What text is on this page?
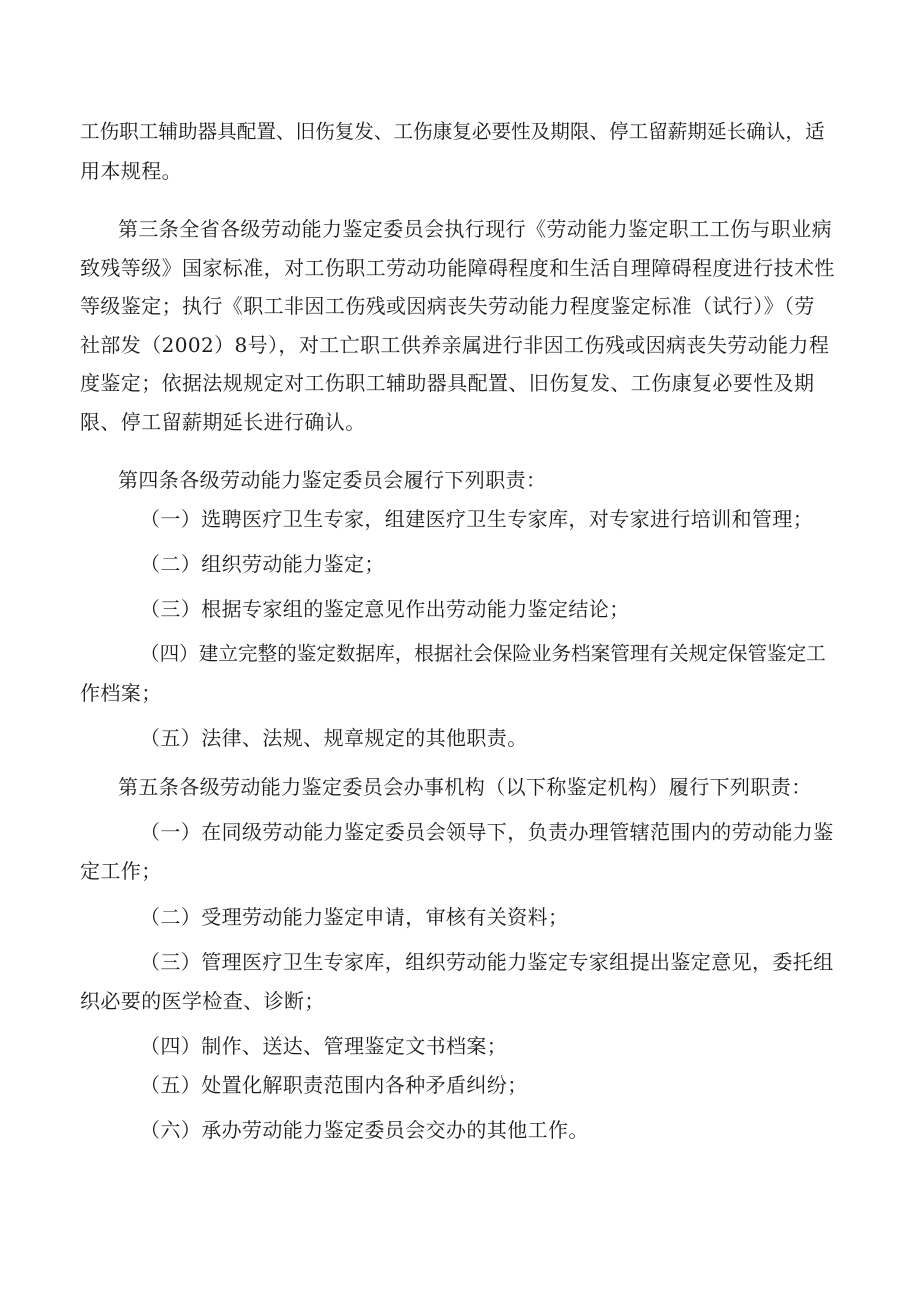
工伤职工辅助器具配置、旧伤复发、工伤康复必要性及期限、停工留薪期延长确认，适
用本规程。
第三条全省各级劳动能力鉴定委员会执行现行《劳动能力鉴定职工工伤与职业病
致残等级》国家标准，对工伤职工劳动功能障碍程度和生活自理障碍程度进行技术性
等级鉴定；执行《职工非因工伤残或因病丧失劳动能力程度鉴定标准（试行）》（劳
社部发（2002）8号），对工亡职工供养亲属进行非因工伤残或因病丧失劳动能力程
度鉴定；依据法规规定对工伤职工辅助器具配置、旧伤复发、工伤康复必要性及期
限、停工留薪期延长进行确认。
第四条各级劳动能力鉴定委员会履行下列职责：
（一）选聘医疗卫生专家，组建医疗卫生专家库，对专家进行培训和管理；
（二）组织劳动能力鉴定；
（三）根据专家组的鉴定意见作出劳动能力鉴定结论；
（四）建立完整的鉴定数据库，根据社会保险业务档案管理有关规定保管鉴定工
作档案；
（五）法律、法规、规章规定的其他职责。
第五条各级劳动能力鉴定委员会办事机构（以下称鉴定机构）履行下列职责：
（一）在同级劳动能力鉴定委员会领导下，负责办理管辖范围内的劳动能力鉴
定工作；
（二）受理劳动能力鉴定申请，审核有关资料；
（三）管理医疗卫生专家库，组织劳动能力鉴定专家组提出鉴定意见，委托组
织必要的医学检查、诊断；
（四）制作、送达、管理鉴定文书档案；
（五）处置化解职责范围内各种矛盾纠纷；
（六）承办劳动能力鉴定委员会交办的其他工作。
